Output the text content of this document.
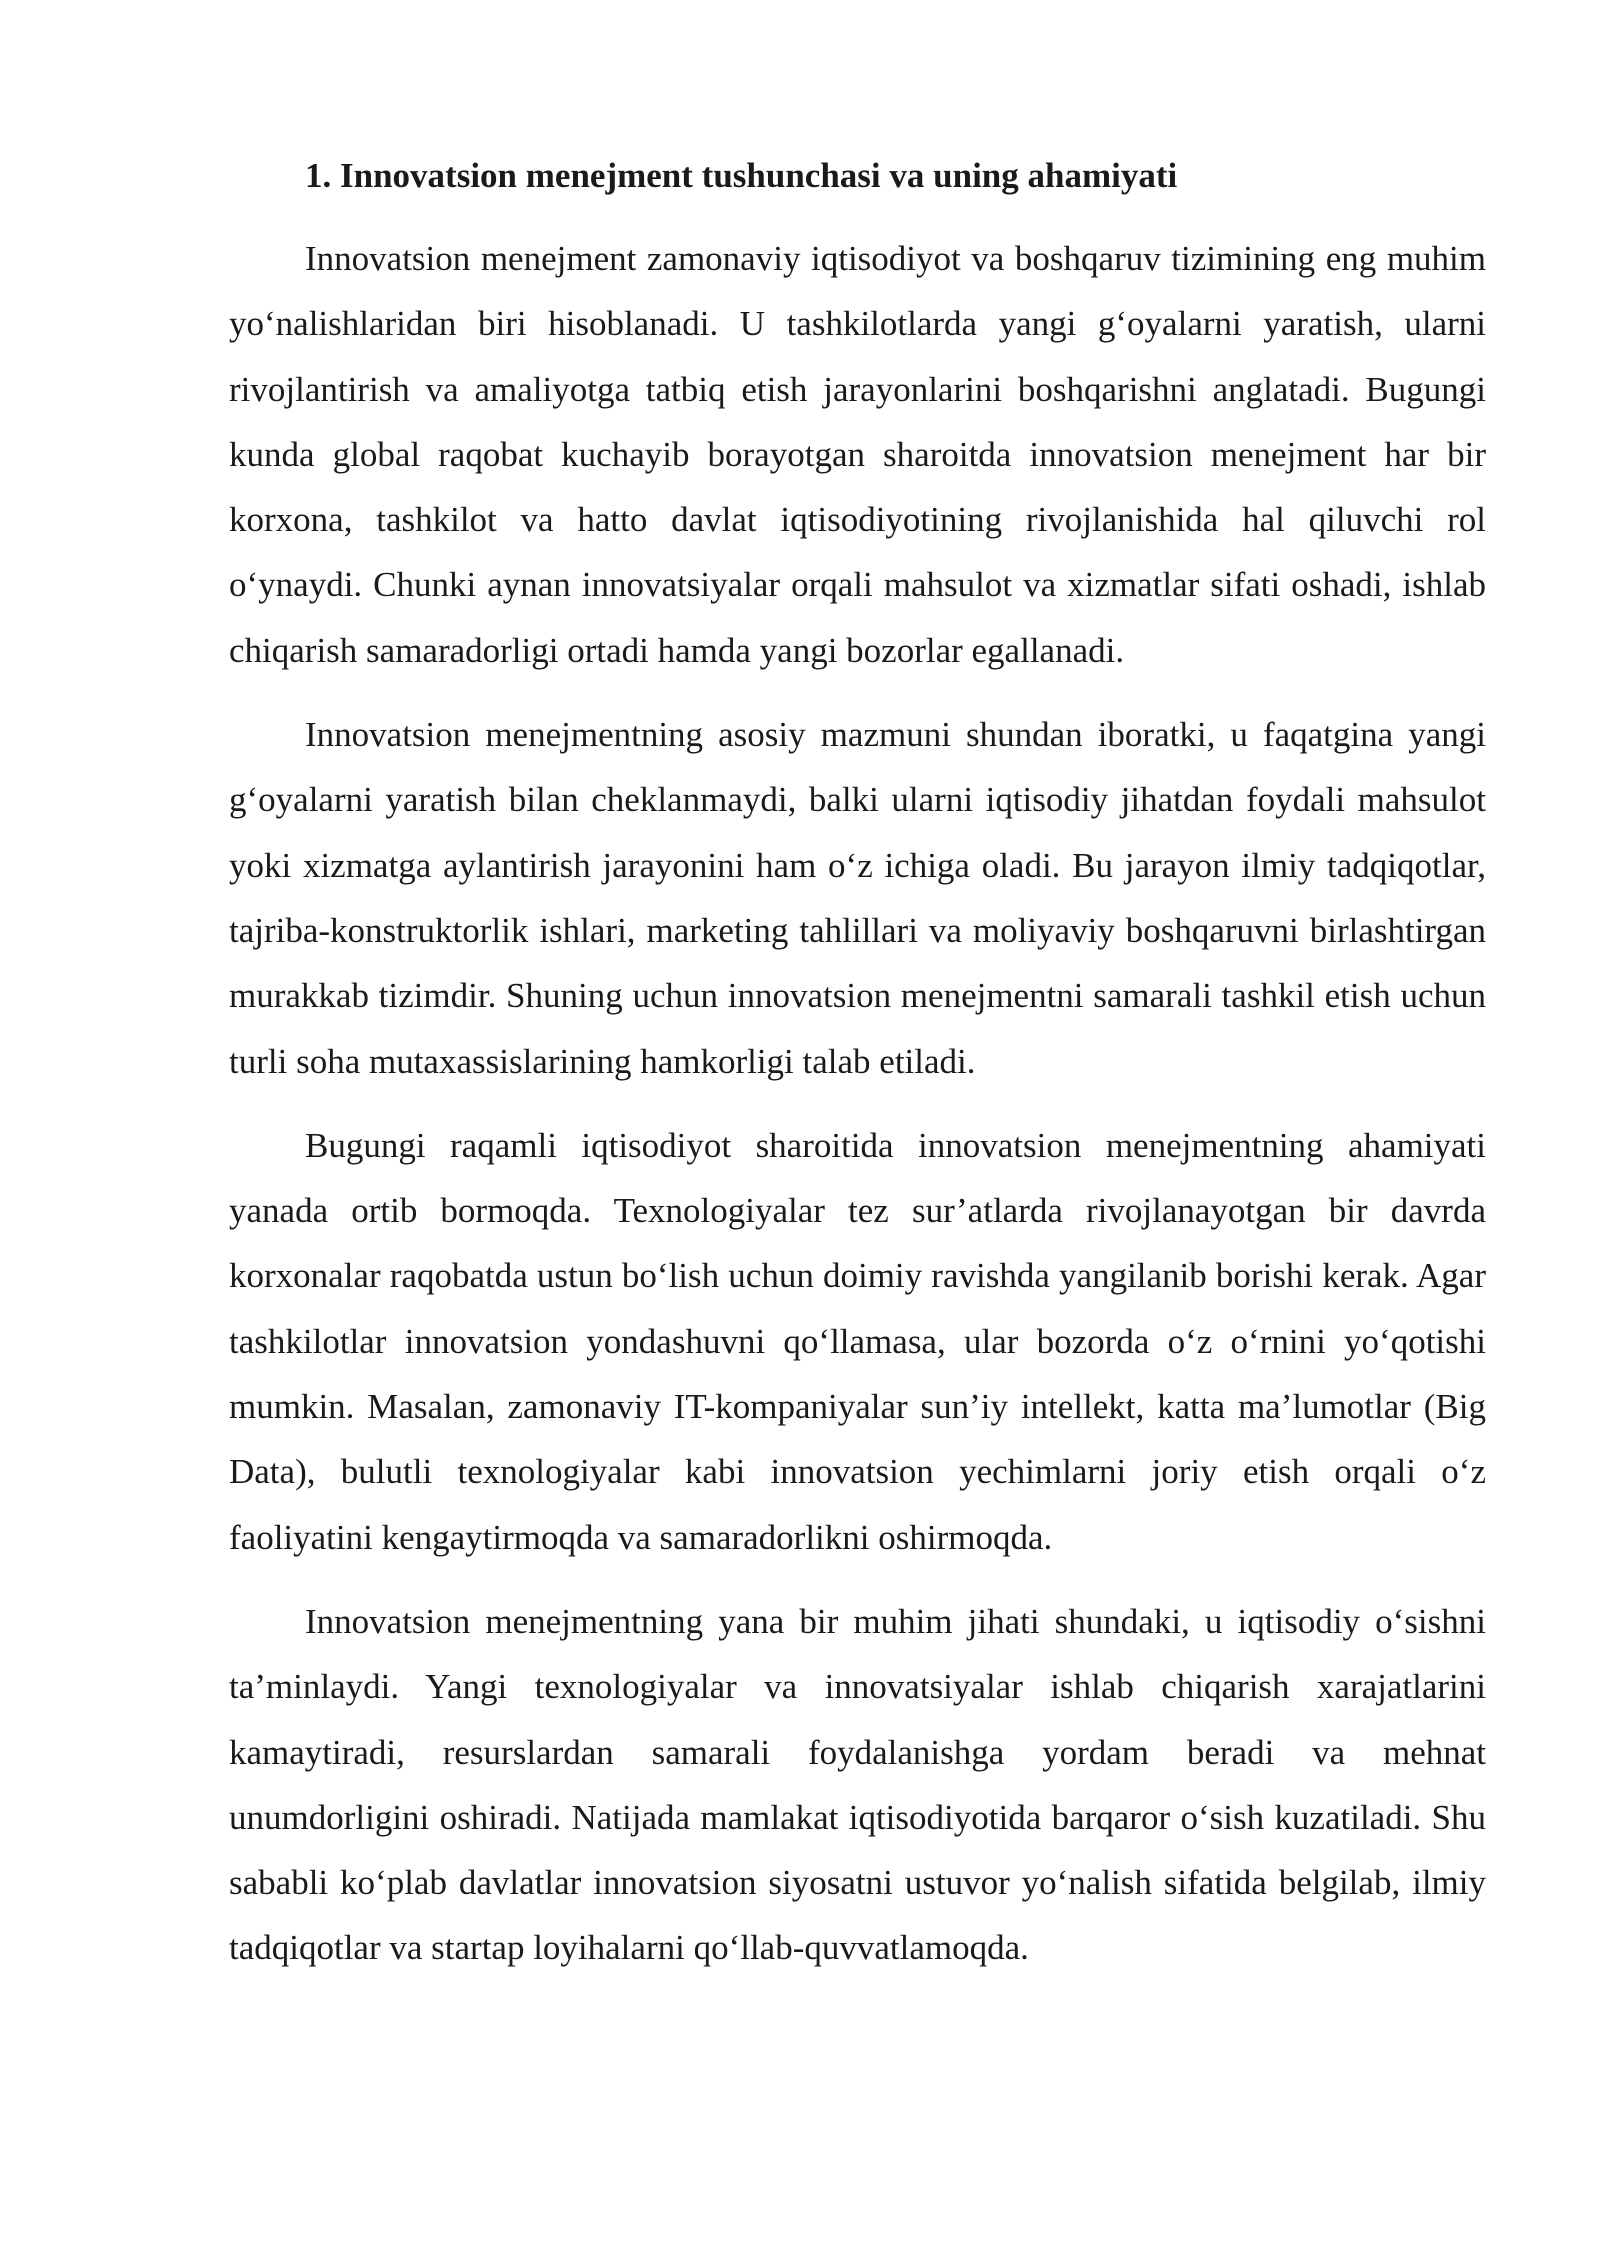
1. Innovatsion menejment tushunchasi va uning ahamiyati

Innovatsion menejment zamonaviy iqtisodiyot va boshqaruv tizimining eng muhim yo‘nalishlaridan biri hisoblanadi. U tashkilotlarda yangi g‘oyalarni yaratish, ularni rivojlantirish va amaliyotga tatbiq etish jarayonlarini boshqarishni anglatadi. Bugungi kunda global raqobat kuchayib borayotgan sharoitda innovatsion menejment har bir korxona, tashkilot va hatto davlat iqtisodiyotining rivojlanishida hal qiluvchi rol o‘ynaydi. Chunki aynan innovatsiyalar orqali mahsulot va xizmatlar sifati oshadi, ishlab chiqarish samaradorligi ortadi hamda yangi bozorlar egallanadi.

Innovatsion menejmentning asosiy mazmuni shundan iboratki, u faqatgina yangi g‘oyalarni yaratish bilan cheklanmaydi, balki ularni iqtisodiy jihatdan foydali mahsulot yoki xizmatga aylantirish jarayonini ham o‘z ichiga oladi. Bu jarayon ilmiy tadqiqotlar, tajriba-konstruktorlik ishlari, marketing tahlillari va moliyaviy boshqaruvni birlashtirgan murakkab tizimdir. Shuning uchun innovatsion menejmentni samarali tashkil etish uchun turli soha mutaxassislarining hamkorligi talab etiladi.

Bugungi raqamli iqtisodiyot sharoitida innovatsion menejmentning ahamiyati yanada ortib bormoqda. Texnologiyalar tez sur’atlarda rivojlanayotgan bir davrda korxonalar raqobatda ustun bo‘lish uchun doimiy ravishda yangilanib borishi kerak. Agar tashkilotlar innovatsion yondashuvni qo‘llamasa, ular bozorda o‘z o‘rnini yo‘qotishi mumkin. Masalan, zamonaviy IT-kompaniyalar sun’iy intellekt, katta ma’lumotlar (Big Data), bulutli texnologiyalar kabi innovatsion yechimlarni joriy etish orqali o‘z faoliyatini kengaytirmoqda va samaradorlikni oshirmoqda.

Innovatsion menejmentning yana bir muhim jihati shundaki, u iqtisodiy o‘sishni ta’minlaydi. Yangi texnologiyalar va innovatsiyalar ishlab chiqarish xarajatlarini kamaytiradi, resurslardan samarali foydalanishga yordam beradi va mehnat unumdorligini oshiradi. Natijada mamlakat iqtisodiyotida barqaror o‘sish kuzatiladi. Shu sababli ko‘plab davlatlar innovatsion siyosatni ustuvor yo‘nalish sifatida belgilab, ilmiy tadqiqotlar va startap loyihalarni qo‘llab-quvvatlamoqda.
